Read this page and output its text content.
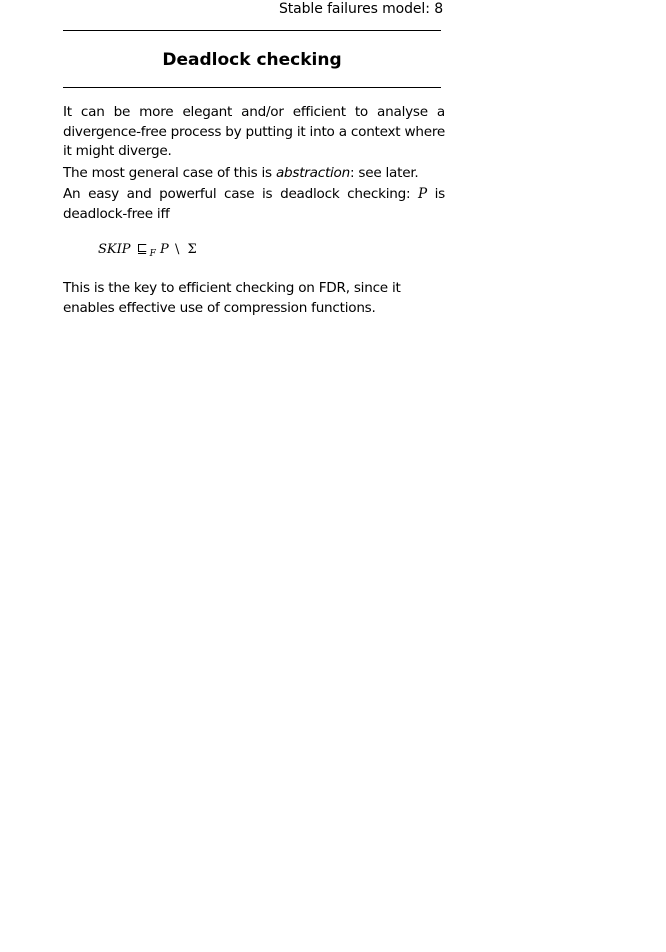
Stable failures model: 8
Deadlock checking

It can be more elegant and/or efficient to analyse a divergence-free process by putting it into a context where it might diverge.

The most general case of this is abstraction: see later.

An easy and powerful case is deadlock checking: P is deadlock-free iff

SKIP ⊑ $_F$ P \ Σ

This is the key to efficient checking on FDR, since it enables effective use of compression functions.
